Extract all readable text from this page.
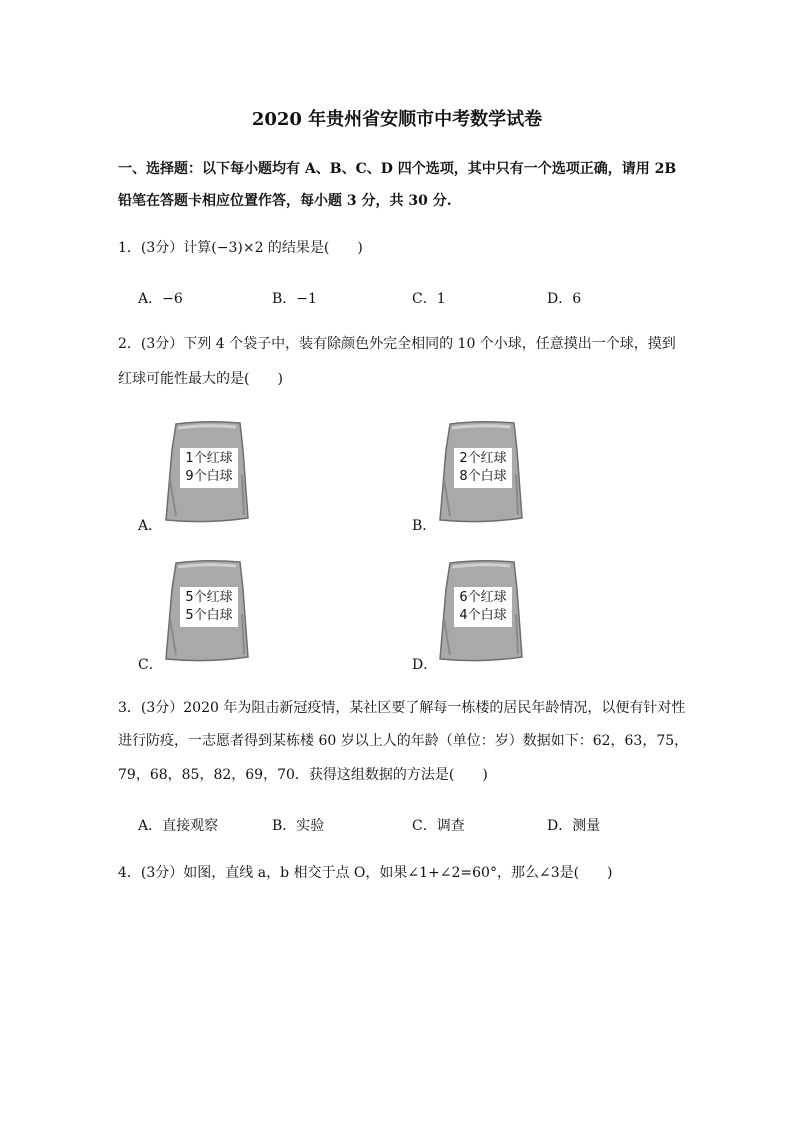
2020 年贵州省安顺市中考数学试卷
一、选择题：以下每小题均有 A、B、C、D 四个选项，其中只有一个选项正确，请用 2B
铅笔在答题卡相应位置作答，每小题 3 分，共 30 分.
1．(3分）计算(−3)×2 的结果是(　　)
A．−6	B．−1	C．1	D．6
2．(3分）下列 4 个袋子中，装有除颜色外完全相同的 10 个小球，任意摸出一个球，摸到
红球可能性最大的是(　　)
A．
1个红球
9个白球
B．
2个红球
8个白球
C．
5个红球
5个白球
D．
6个红球
4个白球
3．(3分）2020 年为阻击新冠疫情，某社区要了解每一栋楼的居民年龄情况，以便有针对性
进行防疫，一志愿者得到某栋楼 60 岁以上人的年龄（单位：岁）数据如下：62，63，75，
79，68，85，82，69，70．获得这组数据的方法是(　　)
A．直接观察	B．实验	C．调查	D．测量
4．(3分）如图，直线 a，b 相交于点 O，如果∠1+∠2=60°，那么∠3是(　　)
